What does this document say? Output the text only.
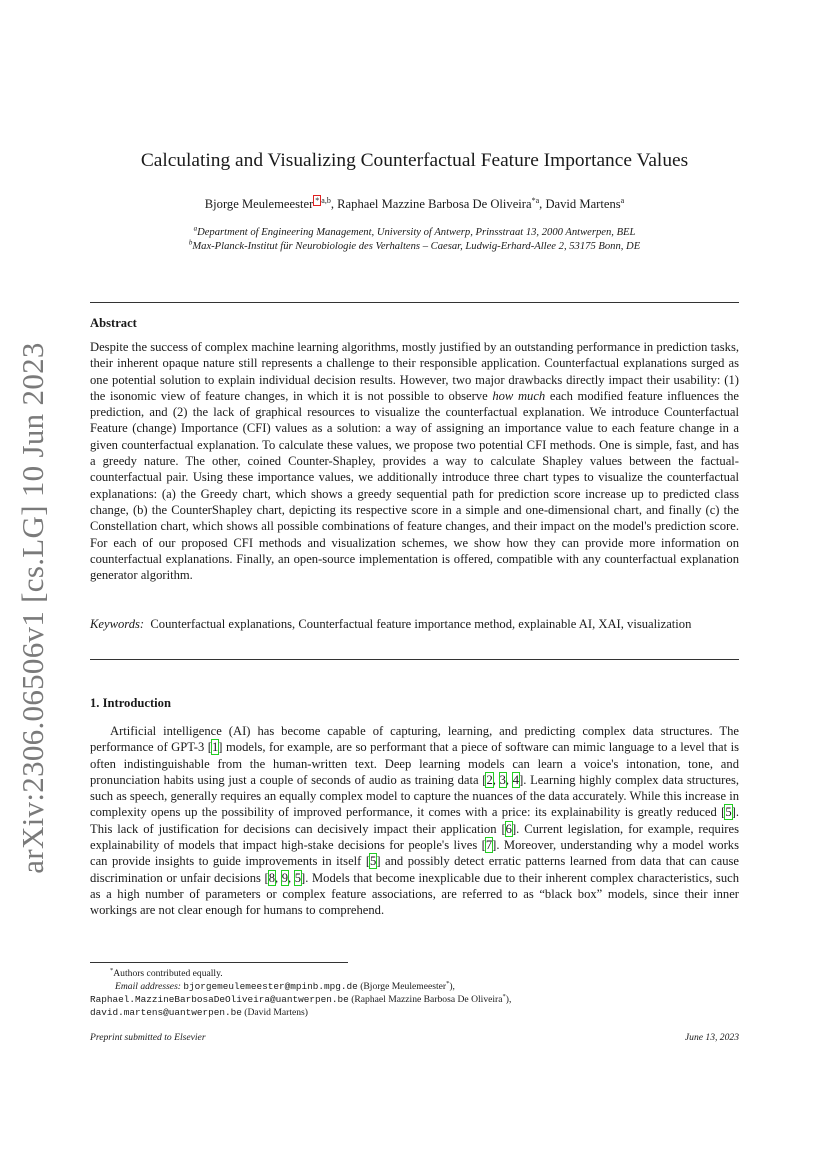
arXiv:2306.06506v1 [cs.LG] 10 Jun 2023
Calculating and Visualizing Counterfactual Feature Importance Values
Bjorge Meulemeester $^{* a,b}$, Raphael Mazzine Barbosa De Oliveira$^{*a}$, David Martens$^a$
$^a$Department of Engineering Management, University of Antwerp, Prinsstraat 13, 2000 Antwerpen, BEL
$^b$Max-Planck-Institut für Neurobiologie des Verhaltens – Caesar, Ludwig-Erhard-Allee 2, 53175 Bonn, DE
Abstract
Despite the success of complex machine learning algorithms, mostly justified by an outstanding performance in prediction tasks, their inherent opaque nature still represents a challenge to their responsible application. Counterfactual explanations surged as one potential solution to explain individual decision results. However, two major drawbacks directly impact their usability: (1) the isonomic view of feature changes, in which it is not possible to observe how much each modified feature influences the prediction, and (2) the lack of graphical resources to visualize the counterfactual explanation. We introduce Counterfactual Feature (change) Importance (CFI) values as a solution: a way of assigning an importance value to each feature change in a given counterfactual explanation. To calculate these values, we propose two potential CFI methods. One is simple, fast, and has a greedy nature. The other, coined Counter-Shapley, provides a way to calculate Shapley values between the factual-counterfactual pair. Using these importance values, we additionally introduce three chart types to visualize the counterfactual explanations: (a) the Greedy chart, which shows a greedy sequential path for prediction score increase up to predicted class change, (b) the CounterShapley chart, depicting its respective score in a simple and one-dimensional chart, and finally (c) the Constellation chart, which shows all possible combinations of feature changes, and their impact on the model's prediction score. For each of our proposed CFI methods and visualization schemes, we show how they can provide more information on counterfactual explanations. Finally, an open-source implementation is offered, compatible with any counterfactual explanation generator algorithm.
Keywords: Counterfactual explanations, Counterfactual feature importance method, explainable AI, XAI, visualization
1. Introduction
Artificial intelligence (AI) has become capable of capturing, learning, and predicting complex data structures. The performance of GPT-3 [1] models, for example, are so performant that a piece of software can mimic language to a level that is often indistinguishable from the human-written text. Deep learning models can learn a voice's intonation, tone, and pronunciation habits using just a couple of seconds of audio as training data [2, 3, 4]. Learning highly complex data structures, such as speech, generally requires an equally complex model to capture the nuances of the data accurately. While this increase in complexity opens up the possibility of improved performance, it comes with a price: its explainability is greatly reduced [5]. This lack of justification for decisions can decisively impact their application [6]. Current legislation, for example, requires explainability of models that impact high-stake decisions for people's lives [7]. Moreover, understanding why a model works can provide insights to guide improvements in itself [5] and possibly detect erratic patterns learned from data that can cause discrimination or unfair decisions [8, 9, 5]. Models that become inexplicable due to their inherent complex characteristics, such as a high number of parameters or complex feature associations, are referred to as “black box” models, since their inner workings are not clear enough for humans to comprehend.
*Authors contributed equally.
Email addresses: bjorgemeulemeester@mpinb.mpg.de (Bjorge Meulemeester*),
Raphael.MazzineBarbosaDeOliveira@uantwerpen.be (Raphael Mazzine Barbosa De Oliveira*),
david.martens@uantwerpen.be (David Martens)
Preprint submitted to Elsevier	June 13, 2023
